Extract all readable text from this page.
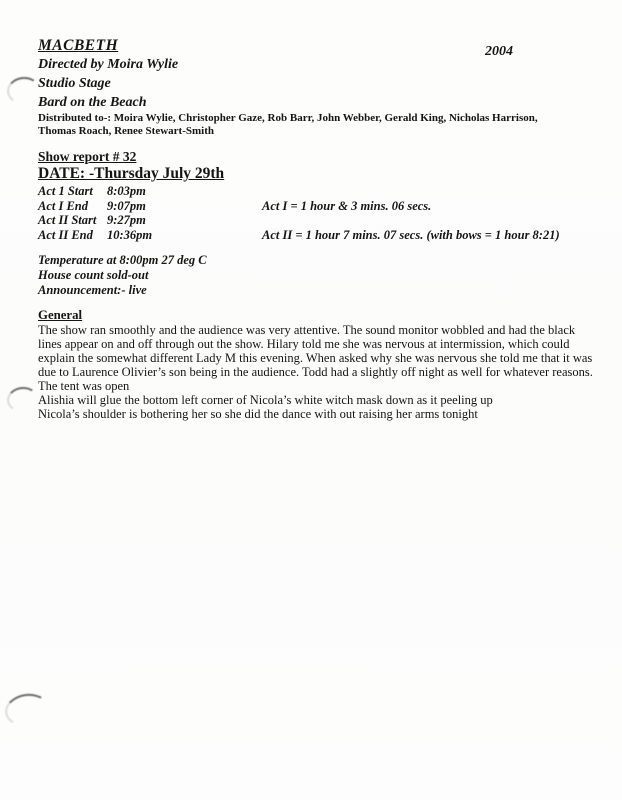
2004
MACBETH
Directed by Moira Wylie
Studio Stage
Bard on the Beach
Distributed to-: Moira Wylie, Christopher Gaze, Rob Barr, John Webber, Gerald King, Nicholas Harrison, Thomas Roach, Renee Stewart-Smith
Show report # 32
DATE: -Thursday July 29th
Act 1 Start	8:03pm
Act I End	9:07pm	Act I = 1 hour & 3 mins. 06 secs.
Act II Start 9:27pm
Act II End	10:36pm	Act II = 1 hour 7 mins. 07 secs. (with bows = 1 hour 8:21)
Temperature at 8:00pm 27 deg C
House count sold-out
Announcement:- live
General
The show ran smoothly and the audience was very attentive. The sound monitor wobbled and had the black lines appear on and off through out the show. Hilary told me she was nervous at intermission, which could explain the somewhat different Lady M this evening. When asked why she was nervous she told me that it was due to Laurence Olivier’s son being in the audience. Todd had a slightly off night as well for whatever reasons.
The tent was open
Alishia will glue the bottom left corner of Nicola’s white witch mask down as it peeling up
Nicola’s shoulder is bothering her so she did the dance with out raising her arms tonight
